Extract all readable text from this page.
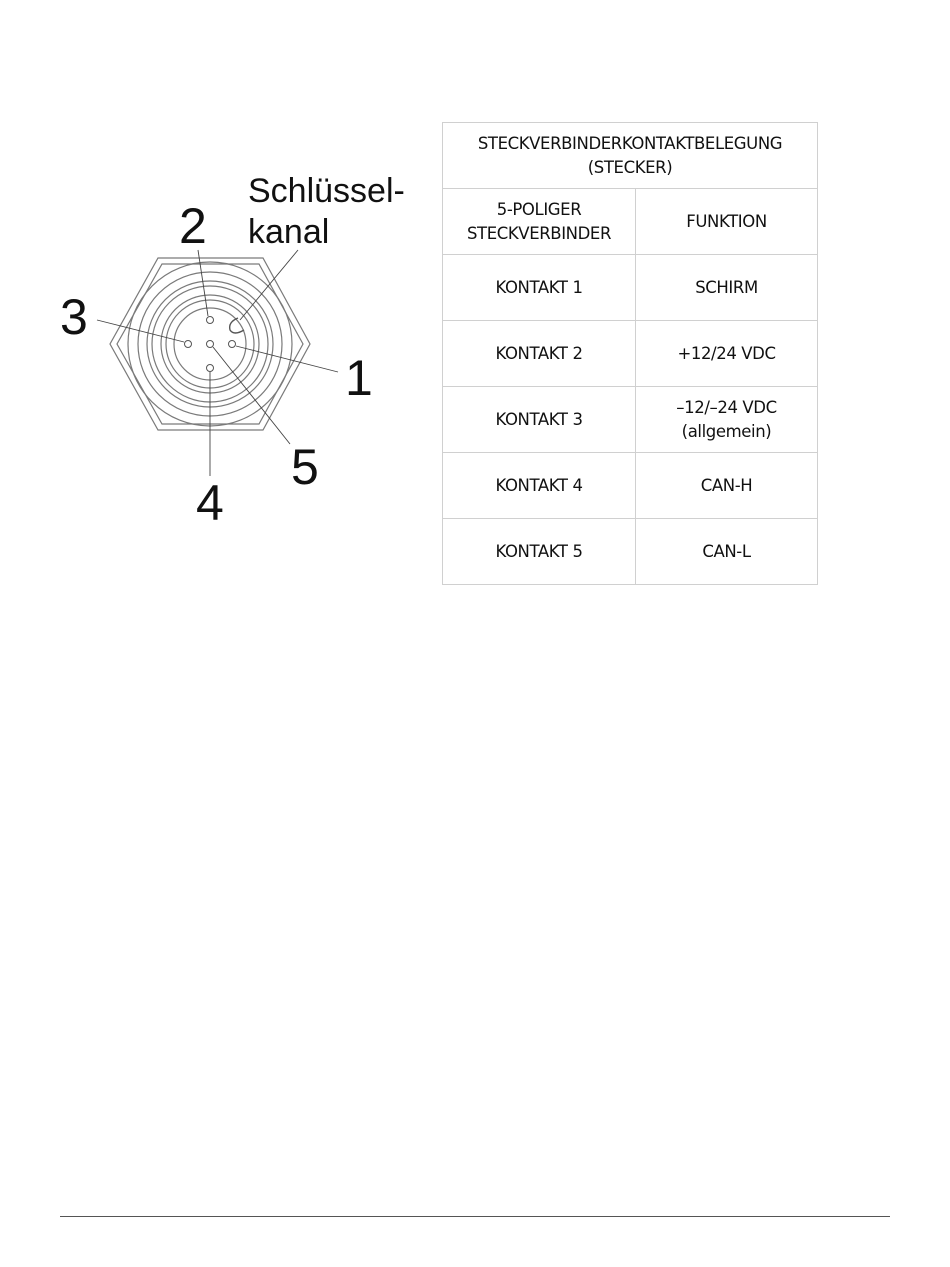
1
2
3
4
5
Schlüssel-
kanal
STECKVERBINDERKONTAKTBELEGUNG
(STECKER)	

5-POLIGER
STECKVERBINDER	FUNKTION
KONTAKT 1	SCHIRM
KONTAKT 2	+12/24 VDC
KONTAKT 3	–12/–24 VDC
(allgemein)
KONTAKT 4	CAN-H
KONTAKT 5	CAN-L
